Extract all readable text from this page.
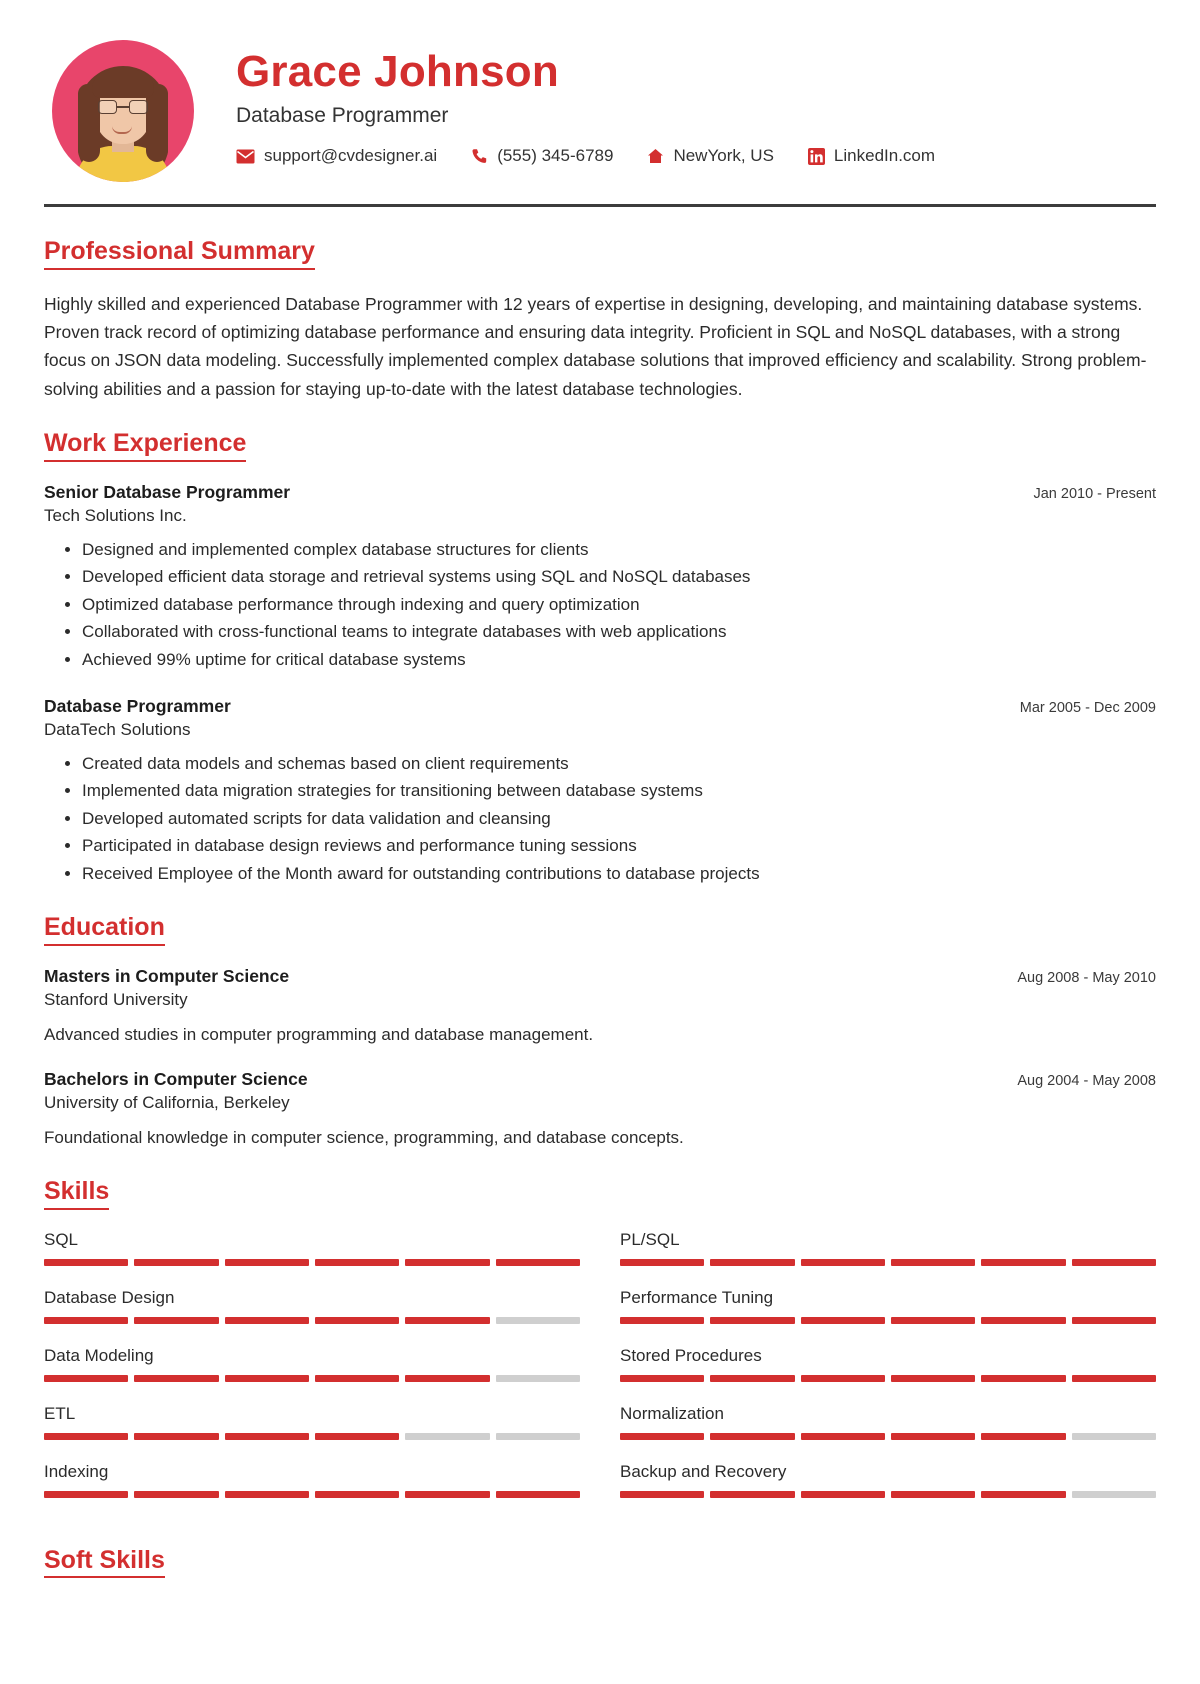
Grace Johnson
Database Programmer
support@cvdesigner.ai	(555) 345-6789	NewYork, US	LinkedIn.com
Professional Summary

Highly skilled and experienced Database Programmer with 12 years of expertise in designing, developing, and maintaining database systems. Proven track record of optimizing database performance and ensuring data integrity. Proficient in SQL and NoSQL databases, with a strong focus on JSON data modeling. Successfully implemented complex database solutions that improved efficiency and scalability. Strong problem-solving abilities and a passion for staying up-to-date with the latest database technologies.

Work Experience
Senior Database Programmer	Jan 2010 - Present
Tech Solutions Inc.
• Designed and implemented complex database structures for clients
• Developed efficient data storage and retrieval systems using SQL and NoSQL databases
• Optimized database performance through indexing and query optimization
• Collaborated with cross-functional teams to integrate databases with web applications
• Achieved 99% uptime for critical database systems
Database Programmer	Mar 2005 - Dec 2009
DataTech Solutions
• Created data models and schemas based on client requirements
• Implemented data migration strategies for transitioning between database systems
• Developed automated scripts for data validation and cleansing
• Participated in database design reviews and performance tuning sessions
• Received Employee of the Month award for outstanding contributions to database projects
Education
Masters in Computer Science	Aug 2008 - May 2010
Stanford University
Advanced studies in computer programming and database management.
Bachelors in Computer Science	Aug 2004 - May 2008
University of California, Berkeley
Foundational knowledge in computer science, programming, and database concepts.
Skills
SQL	PL/SQL
Database Design	Performance Tuning
Data Modeling	Stored Procedures
ETL	Normalization
Indexing	Backup and Recovery
Soft Skills
